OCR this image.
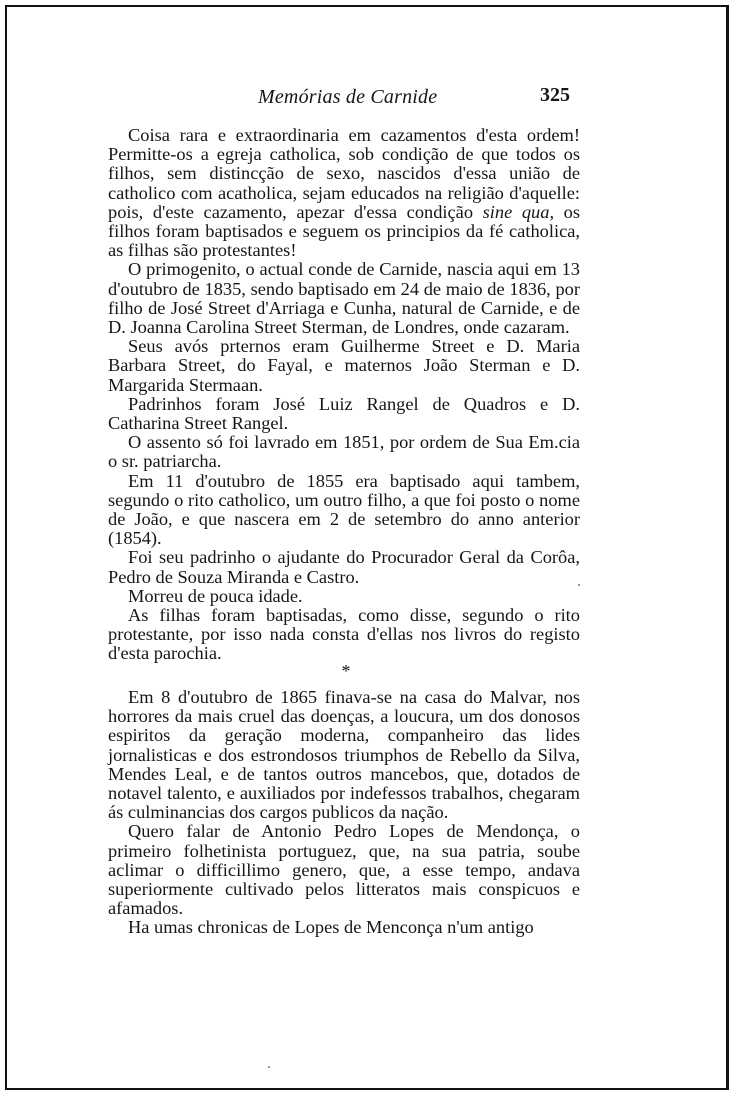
Memórias de Carnide	325

Coisa rara e extraordinaria em cazamentos d'esta ordem! Permitte-os a egreja catholica, sob condição de que todos os filhos, sem distincção de sexo, nascidos d'essa união de catholico com acatholica, sejam educados na religião d'aquelle: pois, d'este cazamento, apezar d'essa condição sine qua, os filhos foram baptisados e seguem os principios da fé catholica, as filhas são protestantes!

O primogenito, o actual conde de Carnide, nascia aqui em 13 d'outubro de 1835, sendo baptisado em 24 de maio de 1836, por filho de José Street d'Arriaga e Cunha, natural de Carnide, e de D. Joanna Carolina Street Sterman, de Londres, onde cazaram.

Seus avós prternos eram Guilherme Street e D. Maria Barbara Street, do Fayal, e maternos João Sterman e D. Margarida Stermaan.

Padrinhos foram José Luiz Rangel de Quadros e D. Catharina Street Rangel.

O assento só foi lavrado em 1851, por ordem de Sua Em.cia o sr. patriarcha.

Em 11 d'outubro de 1855 era baptisado aqui tambem, segundo o rito catholico, um outro filho, a que foi posto o nome de João, e que nascera em 2 de setembro do anno anterior (1854).

Foi seu padrinho o ajudante do Procurador Geral da Corôa, Pedro de Souza Miranda e Castro.

Morreu de pouca idade.

As filhas foram baptisadas, como disse, segundo o rito protestante, por isso nada consta d'ellas nos livros do registo d'esta parochia.

*

Em 8 d'outubro de 1865 finava-se na casa do Malvar, nos horrores da mais cruel das doenças, a loucura, um dos donosos espiritos da geração moderna, companheiro das lides jornalisticas e dos estrondosos triumphos de Rebello da Silva, Mendes Leal, e de tantos outros mancebos, que, dotados de notavel talento, e auxiliados por indefessos trabalhos, chegaram ás culminancias dos cargos publicos da nação.

Quero falar de Antonio Pedro Lopes de Mendonça, o primeiro folhetinista portuguez, que, na sua patria, soube aclimar o difficillimo genero, que, a esse tempo, andava superiormente cultivado pelos litteratos mais conspicuos e afamados.

Ha umas chronicas de Lopes de Menconça n'um antigo
